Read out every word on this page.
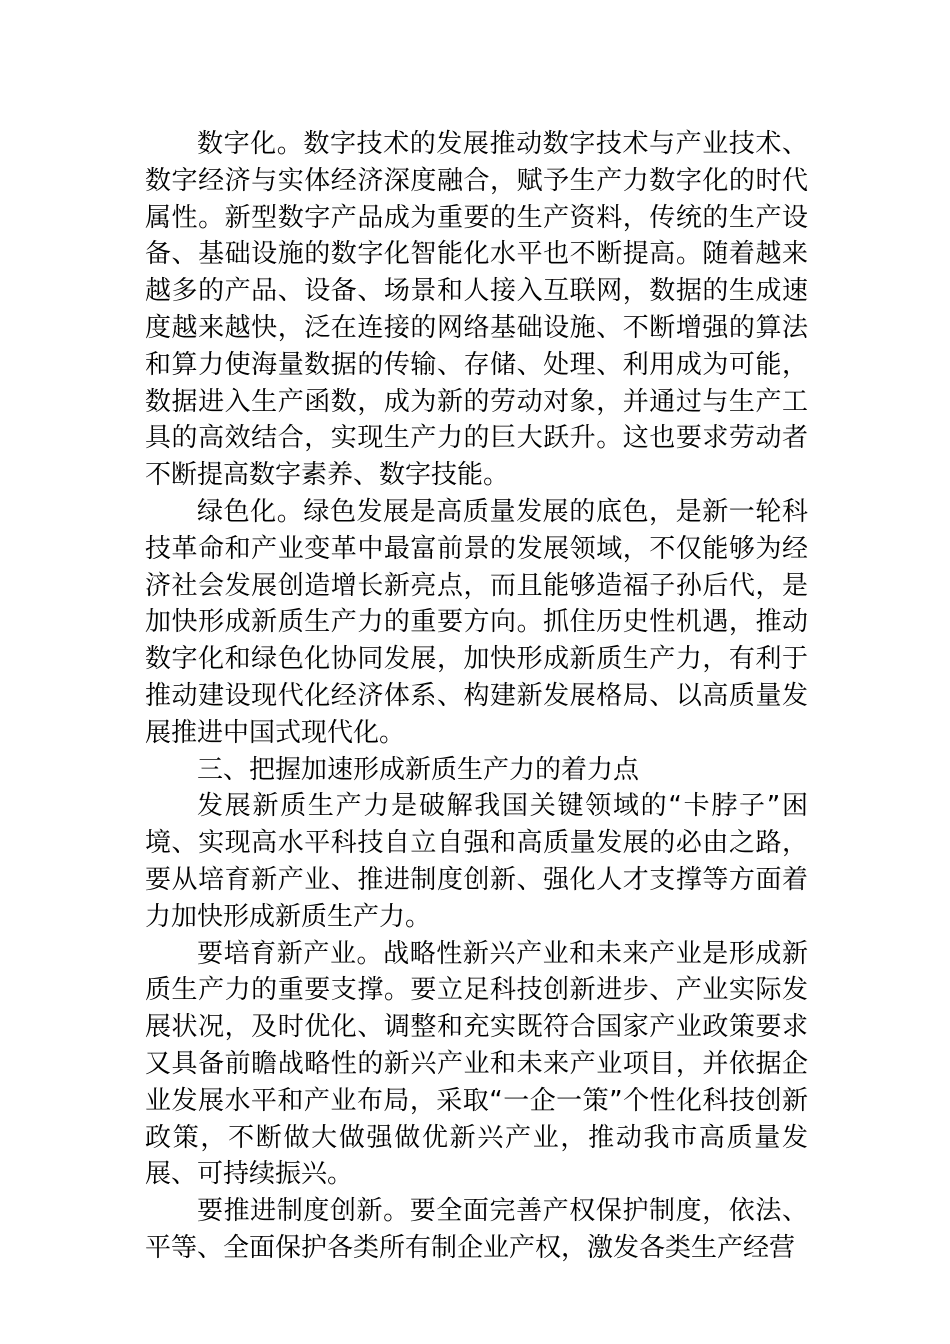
数字化。数字技术的发展推动数字技术与产业技术、数字经济与实体经济深度融合，赋予生产力数字化的时代属性。新型数字产品成为重要的生产资料，传统的生产设备、基础设施的数字化智能化水平也不断提高。随着越来越多的产品、设备、场景和人接入互联网，数据的生成速度越来越快，泛在连接的网络基础设施、不断增强的算法和算力使海量数据的传输、存储、处理、利用成为可能，数据进入生产函数，成为新的劳动对象，并通过与生产工具的高效结合，实现生产力的巨大跃升。这也要求劳动者不断提高数字素养、数字技能。

绿色化。绿色发展是高质量发展的底色，是新一轮科技革命和产业变革中最富前景的发展领域，不仅能够为经济社会发展创造增长新亮点，而且能够造福子孙后代，是加快形成新质生产力的重要方向。抓住历史性机遇，推动数字化和绿色化协同发展，加快形成新质生产力，有利于推动建设现代化经济体系、构建新发展格局、以高质量发展推进中国式现代化。

三、把握加速形成新质生产力的着力点

发展新质生产力是破解我国关键领域的“卡脖子”困境、实现高水平科技自立自强和高质量发展的必由之路，要从培育新产业、推进制度创新、强化人才支撑等方面着力加快形成新质生产力。

要培育新产业。战略性新兴产业和未来产业是形成新质生产力的重要支撑。要立足科技创新进步、产业实际发展状况，及时优化、调整和充实既符合国家产业政策要求又具备前瞻战略性的新兴产业和未来产业项目，并依据企业发展水平和产业布局，采取“一企一策”个性化科技创新政策，不断做大做强做优新兴产业，推动我市高质量发展、可持续振兴。

要推进制度创新。要全面完善产权保护制度，依法、平等、全面保护各类所有制企业产权，激发各类生产经营
